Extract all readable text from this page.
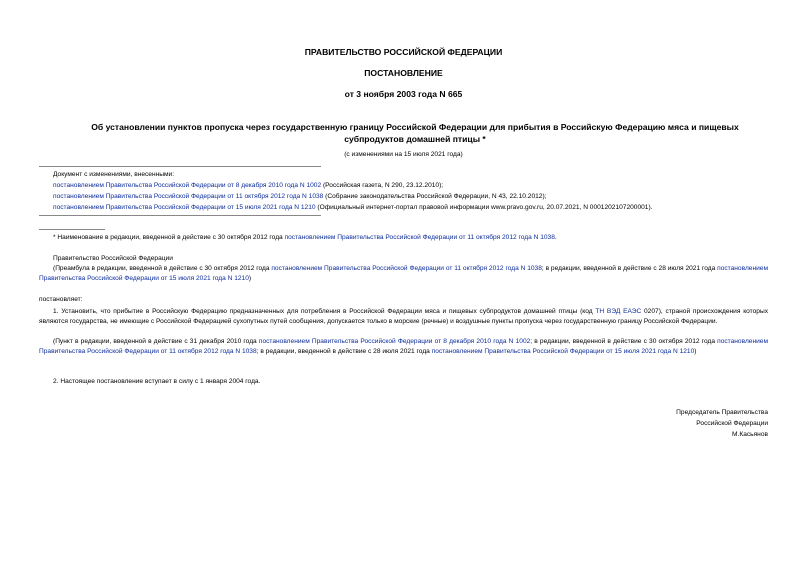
ПРАВИТЕЛЬСТВО РОССИЙСКОЙ ФЕДЕРАЦИИ
ПОСТАНОВЛЕНИЕ
от 3 ноября 2003 года N 665
Об установлении пунктов пропуска через государственную границу Российской Федерации для прибытия в Российскую Федерацию мяса и пищевых субпродуктов домашней птицы *
(с изменениями на 15 июля 2021 года)
Документ с изменениями, внесенными:
постановлением Правительства Российской Федерации от 8 декабря 2010 года N 1002 (Российская газета, N 290, 23.12.2010);
постановлением Правительства Российской Федерации от 11 октября 2012 года N 1038 (Собрание законодательства Российской Федерации, N 43, 22.10.2012);
постановлением Правительства Российской Федерации от 15 июля 2021 года N 1210 (Официальный интернет-портал правовой информации www.pravo.gov.ru, 20.07.2021, N 0001202107200001).
* Наименование в редакции, введенной в действие с 30 октября 2012 года постановлением Правительства Российской Федерации от 11 октября 2012 года N 1038.
Правительство Российской Федерации
(Преамбула в редакции, введенной в действие с 30 октября 2012 года постановлением Правительства Российской Федерации от 11 октября 2012 года N 1038; в редакции, введенной в действие с 28 июля 2021 года постановлением Правительства Российской Федерации от 15 июля 2021 года N 1210)
постановляет:
1. Установить, что прибытие в Российскую Федерацию предназначенных для потребления в Российской Федерации мяса и пищевых субпродуктов домашней птицы (код ТН ВЭД ЕАЭС 0207), страной происхождения которых являются государства, не имеющие с Российской Федерацией сухопутных путей сообщения, допускается только в морские (речные) и воздушные пункты пропуска через государственную границу Российской Федерации.
(Пункт в редакции, введенной в действие с 31 декабря 2010 года постановлением Правительства Российской Федерации от 8 декабря 2010 года N 1002; в редакции, введенной в действие с 30 октября 2012 года постановлением Правительства Российской Федерации от 11 октября 2012 года N 1038; в редакции, введенной в действие с 28 июля 2021 года постановлением Правительства Российской Федерации от 15 июля 2021 года N 1210)
2. Настоящее постановление вступает в силу с 1 января 2004 года.
Председатель Правительства
Российской Федерации
М.Касьянов
